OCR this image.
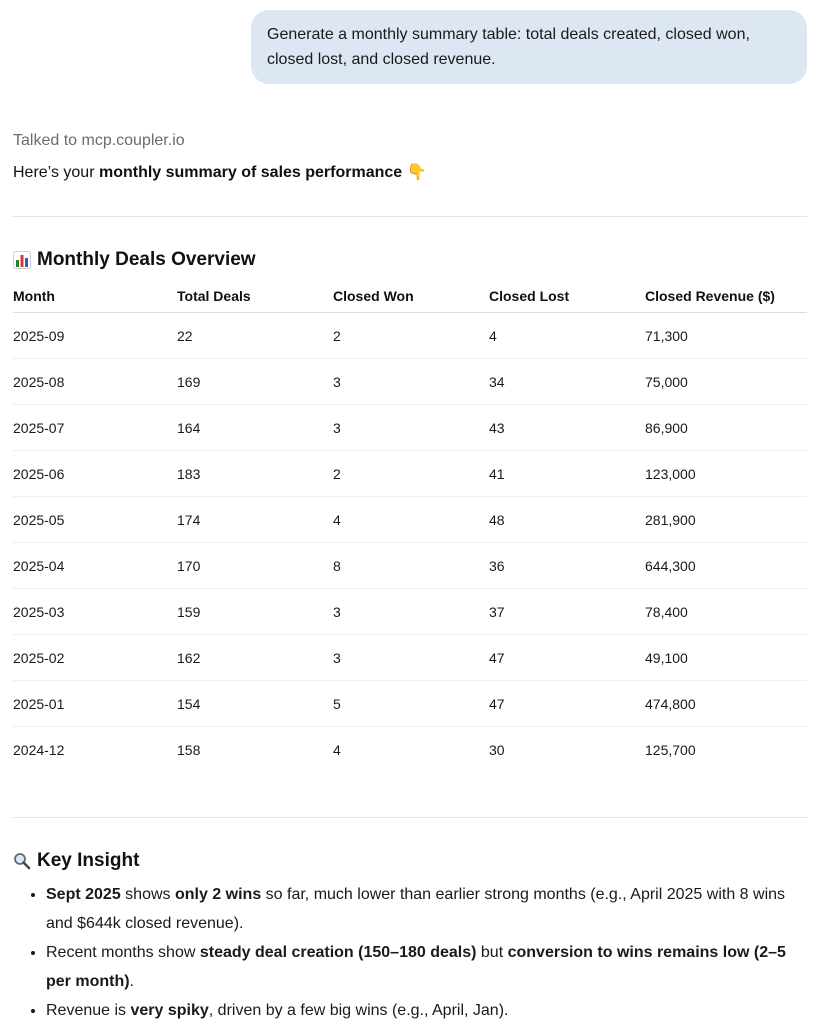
Generate a monthly summary table: total deals created, closed won, closed lost, and closed revenue.
Talked to mcp.coupler.io
Here’s your monthly summary of sales performance 👇
Monthly Deals Overview
Month	Total Deals	Closed Won	Closed Lost	Closed Revenue ($)
2025-09	22	2	4	71,300
2025-08	169	3	34	75,000
2025-07	164	3	43	86,900
2025-06	183	2	41	123,000
2025-05	174	4	48	281,900
2025-04	170	8	36	644,300
2025-03	159	3	37	78,400
2025-02	162	3	47	49,100
2025-01	154	5	47	474,800
2024-12	158	4	30	125,700
Key Insight
• Sept 2025 shows only 2 wins so far, much lower than earlier strong months (e.g., April 2025 with 8 wins and $644k closed revenue).
• Recent months show steady deal creation (150–180 deals) but conversion to wins remains low (2–5 per month).
• Revenue is very spiky, driven by a few big wins (e.g., April, Jan).
